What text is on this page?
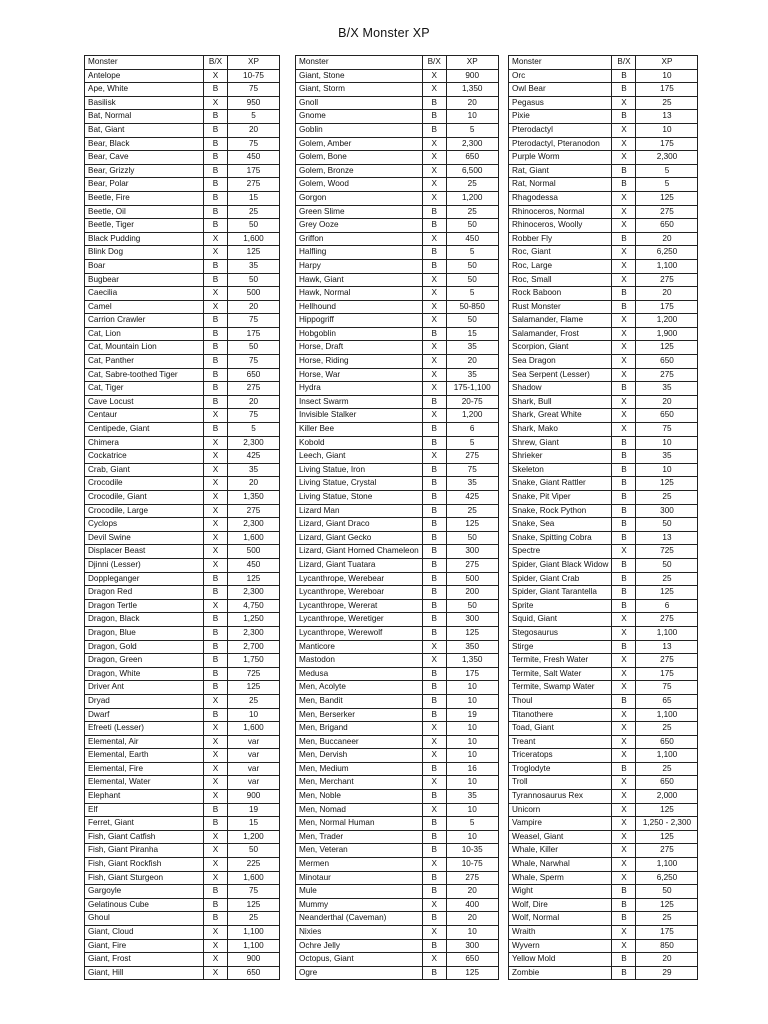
B/X Monster XP
Monster	B/X	XP
Antelope	X	10-75
Ape, White	B	75
Basilisk	X	950
Bat, Normal	B	5
Bat, Giant	B	20
Bear, Black	B	75
Bear, Cave	B	450
Bear, Grizzly	B	175
Bear, Polar	B	275
Beetle, Fire	B	15
Beetle, Oil	B	25
Beetle, Tiger	B	50
Black Pudding	X	1,600
Blink Dog	X	125
Boar	B	35
Bugbear	B	50
Caecilia	X	500
Camel	X	20
Carrion Crawler	B	75
Cat, Lion	B	175
Cat, Mountain Lion	B	50
Cat, Panther	B	75
Cat, Sabre-toothed Tiger	B	650
Cat, Tiger	B	275
Cave Locust	B	20
Centaur	X	75
Centipede, Giant	B	5
Chimera	X	2,300
Cockatrice	X	425
Crab, Giant	X	35
Crocodile	X	20
Crocodile, Giant	X	1,350
Crocodile, Large	X	275
Cyclops	X	2,300
Devil Swine	X	1,600
Displacer Beast	X	500
Djinni (Lesser)	X	450
Doppleganger	B	125
Dragon Red	B	2,300
Dragon Tertle	X	4,750
Dragon, Black	B	1,250
Dragon, Blue	B	2,300
Dragon, Gold	B	2,700
Dragon, Green	B	1,750
Dragon, White	B	725
Driver Ant	B	125
Dryad	X	25
Dwarf	B	10
Efreeti (Lesser)	X	1,600
Elemental, Air	X	var
Elemental, Earth	X	var
Elemental, Fire	X	var
Elemental, Water	X	var
Elephant	X	900
Elf	B	19
Ferret, Giant	B	15
Fish, Giant Catfish	X	1,200
Fish, Giant Piranha	X	50
Fish, Giant Rockfish	X	225
Fish, Giant Sturgeon	X	1,600
Gargoyle	B	75
Gelatinous Cube	B	125
Ghoul	B	25
Giant, Cloud	X	1,100
Giant, Fire	X	1,100
Giant, Frost	X	900
Giant, Hill	X	650
Monster	B/X	XP
Giant, Stone	X	900
Giant, Storm	X	1,350
Gnoll	B	20
Gnome	B	10
Goblin	B	5
Golem, Amber	X	2,300
Golem, Bone	X	650
Golem, Bronze	X	6,500
Golem, Wood	X	25
Gorgon	X	1,200
Green Slime	B	25
Grey Ooze	B	50
Griffon	X	450
Halfling	B	5
Harpy	B	50
Hawk, Giant	X	50
Hawk, Normal	X	5
Hellhound	X	50-850
Hippogriff	X	50
Hobgoblin	B	15
Horse, Draft	X	35
Horse, Riding	X	20
Horse, War	X	35
Hydra	X	175-1,100
Insect Swarm	B	20-75
Invisible Stalker	X	1,200
Killer Bee	B	6
Kobold	B	5
Leech, Giant	X	275
Living Statue, Iron	B	75
Living Statue, Crystal	B	35
Living Statue, Stone	B	425
Lizard Man	B	25
Lizard, Giant Draco	B	125
Lizard, Giant Gecko	B	50
Lizard, Giant Horned Chameleon	B	300
Lizard, Giant Tuatara	B	275
Lycanthrope, Werebear	B	500
Lycanthrope, Wereboar	B	200
Lycanthrope, Wererat	B	50
Lycanthrope, Weretiger	B	300
Lycanthrope, Werewolf	B	125
Manticore	X	350
Mastodon	X	1,350
Medusa	B	175
Men, Acolyte	B	10
Men, Bandit	B	10
Men, Berserker	B	19
Men, Brigand	X	10
Men, Buccaneer	X	10
Men, Dervish	X	10
Men, Medium	B	16
Men, Merchant	X	10
Men, Noble	B	35
Men, Nomad	X	10
Men, Normal Human	B	5
Men, Trader	B	10
Men, Veteran	B	10-35
Mermen	X	10-75
Minotaur	B	275
Mule	B	20
Mummy	X	400
Neanderthal (Caveman)	B	20
Nixies	X	10
Ochre Jelly	B	300
Octopus, Giant	X	650
Ogre	B	125
Monster	B/X	XP
Orc	B	10
Owl Bear	B	175
Pegasus	X	25
Pixie	B	13
Pterodactyl	X	10
Pterodactyl, Pteranodon	X	175
Purple Worm	X	2,300
Rat, Giant	B	5
Rat, Normal	B	5
Rhagodessa	X	125
Rhinoceros, Normal	X	275
Rhinoceros, Woolly	X	650
Robber Fly	B	20
Roc, Giant	X	6,250
Roc, Large	X	1,100
Roc, Small	X	275
Rock Baboon	B	20
Rust Monster	B	175
Salamander, Flame	X	1,200
Salamander, Frost	X	1,900
Scorpion, Giant	X	125
Sea Dragon	X	650
Sea Serpent (Lesser)	X	275
Shadow	B	35
Shark, Bull	X	20
Shark, Great White	X	650
Shark, Mako	X	75
Shrew, Giant	B	10
Shrieker	B	35
Skeleton	B	10
Snake, Giant Rattler	B	125
Snake, Pit Viper	B	25
Snake, Rock Python	B	300
Snake, Sea	B	50
Snake, Spitting Cobra	B	13
Spectre	X	725
Spider, Giant Black Widow	B	50
Spider, Giant Crab	B	25
Spider, Giant Tarantella	B	125
Sprite	B	6
Squid, Giant	X	275
Stegosaurus	X	1,100
Stirge	B	13
Termite, Fresh Water	X	275
Termite, Salt Water	X	175
Termite, Swamp Water	X	75
Thoul	B	65
Titanothere	X	1,100
Toad, Giant	X	25
Treant	X	650
Triceratops	X	1,100
Troglodyte	B	25
Troll	X	650
Tyrannosaurus Rex	X	2,000
Unicorn	X	125
Vampire	X	1,250 - 2,300
Weasel, Giant	X	125
Whale, Killer	X	275
Whale, Narwhal	X	1,100
Whale, Sperm	X	6,250
Wight	B	50
Wolf, Dire	B	125
Wolf, Normal	B	25
Wraith	X	175
Wyvern	X	850
Yellow Mold	B	20
Zombie	B	29
